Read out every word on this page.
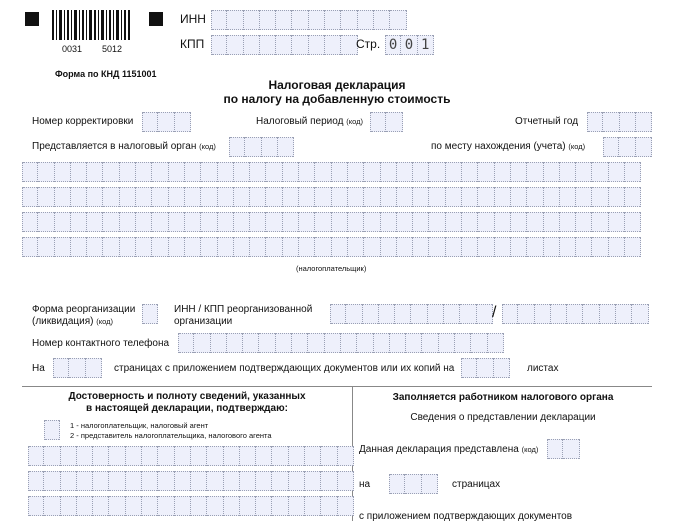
0031 5012
ИНН
КПП	Стр. 0 0 1
Форма по КНД 1151001
Налоговая декларация
по налогу на добавленную стоимость
Номер корректировки	Налоговый период (код)	Отчетный год
Представляется в налоговый орган (код)	по месту нахождения (учета) (код)
(налогоплательщик)
Форма реорганизации
(ликвидация) (код)
ИНН / КПП реорганизованной
организации
/
Номер контактного телефона
На	страницах с приложением подтверждающих документов или их копий на	листах
Достоверность и полноту сведений, указанных
в настоящей декларации, подтверждаю:
1 - налогоплательщик, налоговый агент
2 - представитель налогоплательщика, налогового агента
Заполняется работником налогового органа
Сведения о представлении декларации
Данная декларация представлена (код)
на	страницах
с приложением подтверждающих документов
